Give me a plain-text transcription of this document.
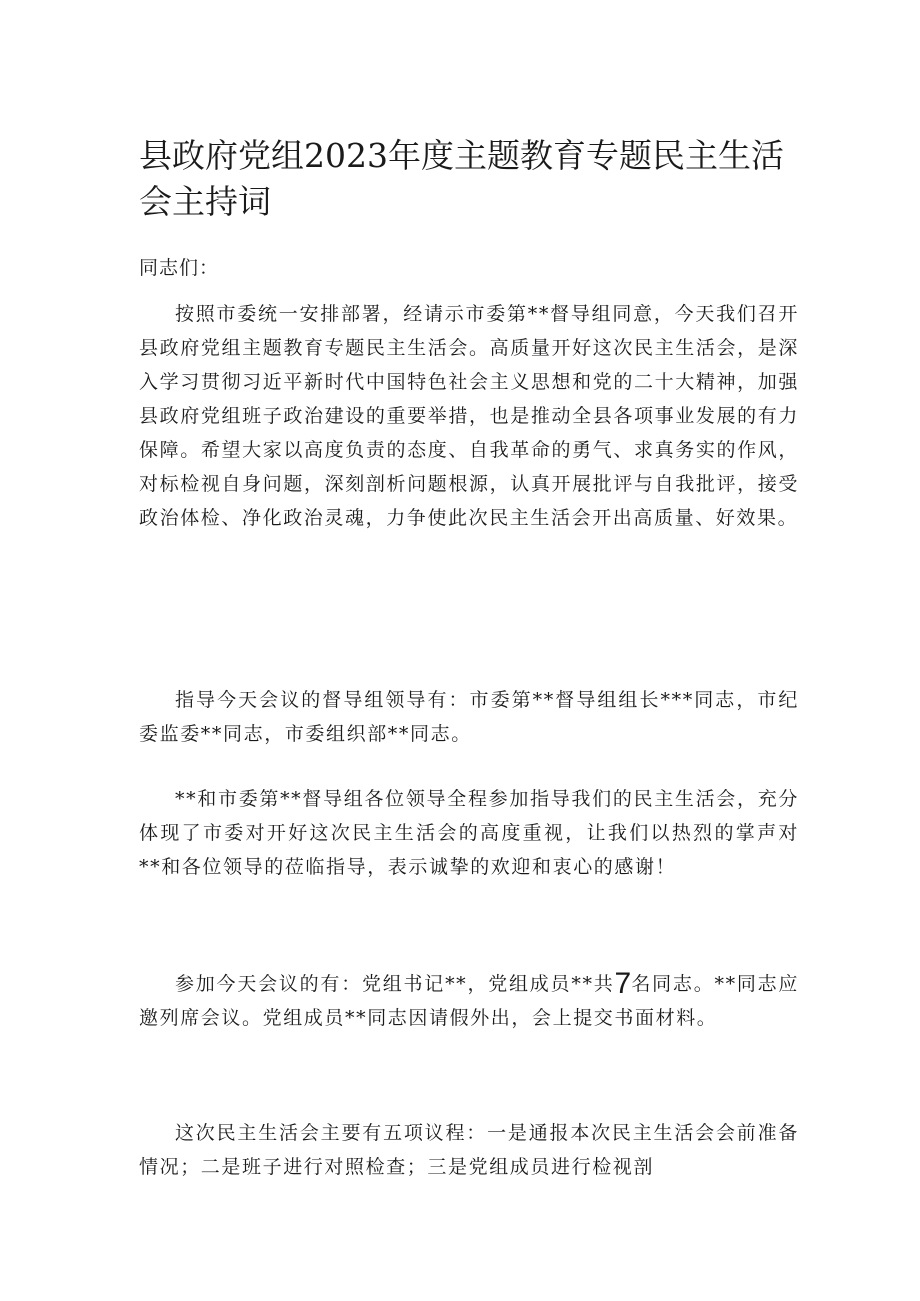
县政府党组2023年度主题教育专题民主生活会主持词

同志们：

按照市委统一安排部署，经请示市委第**督导组同意，今天我们召开县政府党组主题教育专题民主生活会。高质量开好这次民主生活会，是深入学习贯彻习近平新时代中国特色社会主义思想和党的二十大精神，加强县政府党组班子政治建设的重要举措，也是推动全县各项事业发展的有力保障。希望大家以高度负责的态度、自我革命的勇气、求真务实的作风，对标检视自身问题，深刻剖析问题根源，认真开展批评与自我批评，接受政治体检、净化政治灵魂，力争使此次民主生活会开出高质量、好效果。

指导今天会议的督导组领导有：市委第**督导组组长***同志，市纪委监委**同志，市委组织部**同志。

**和市委第**督导组各位领导全程参加指导我们的民主生活会，充分体现了市委对开好这次民主生活会的高度重视，让我们以热烈的掌声对**和各位领导的莅临指导，表示诚挚的欢迎和衷心的感谢！

参加今天会议的有：党组书记**，党组成员**共7名同志。**同志应邀列席会议。党组成员**同志因请假外出，会上提交书面材料。

这次民主生活会主要有五项议程：一是通报本次民主生活会会前准备情况；二是班子进行对照检查；三是党组成员进行检视剖
